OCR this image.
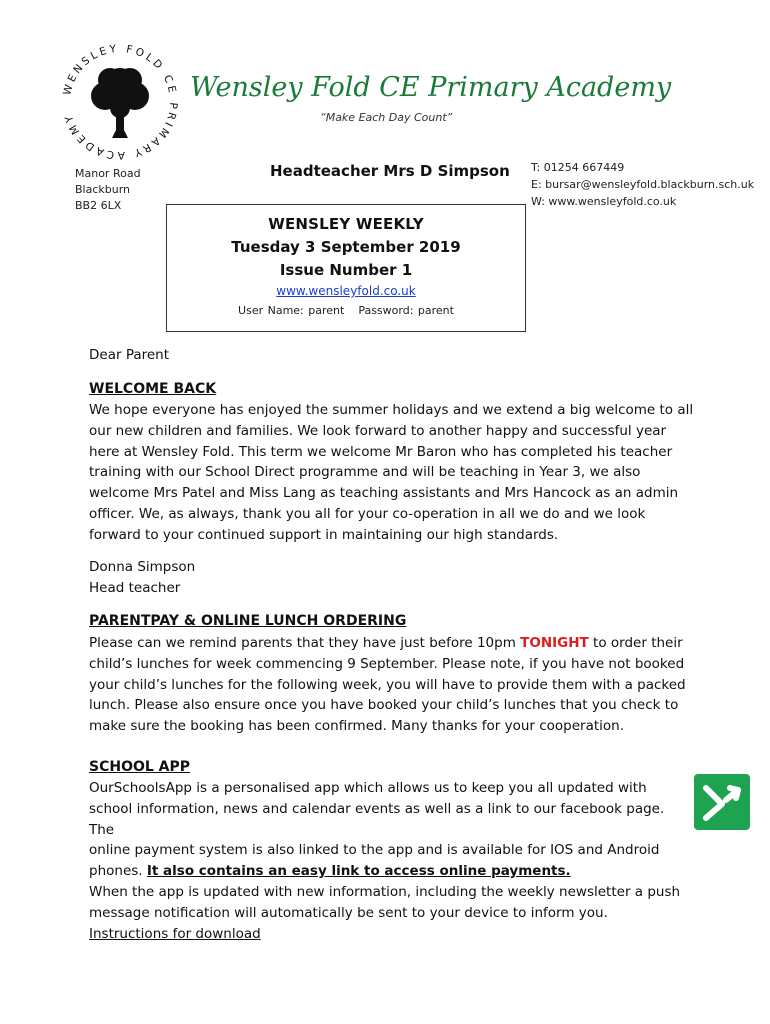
WENSLEY FOLD CE PRIMARY ACADEMY
Wensley Fold CE Primary Academy
“Make Each Day Count”
Manor Road
Blackburn
BB2 6LX
Headteacher Mrs D Simpson T: 01254 667449
E: bursar@wensleyfold.blackburn.sch.uk
W: www.wensleyfold.co.uk
WENSLEY WEEKLY
Tuesday 3 September 2019
Issue Number 1
www.wensleyfold.co.uk
User Name: parent Password: parent
Dear Parent
WELCOME BACK
We hope everyone has enjoyed the summer holidays and we extend a big welcome to all
our new children and families. We look forward to another happy and successful year
here at Wensley Fold. This term we welcome Mr Baron who has completed his teacher
training with our School Direct programme and will be teaching in Year 3, we also
welcome Mrs Patel and Miss Lang as teaching assistants and Mrs Hancock as an admin
officer. We, as always, thank you all for your co-operation in all we do and we look
forward to your continued support in maintaining our high standards.
Donna Simpson
Head teacher
PARENTPAY & ONLINE LUNCH ORDERING
Please can we remind parents that they have just before 10pm TONIGHT to order their
child’s lunches for week commencing 9 September. Please note, if you have not booked
your child’s lunches for the following week, you will have to provide them with a packed
lunch. Please also ensure once you have booked your child’s lunches that you check to
make sure the booking has been confirmed. Many thanks for your cooperation.
SCHOOL APP
OurSchoolsApp is a personalised app which allows us to keep you all updated with
school information, news and calendar events as well as a link to our facebook page. The
online payment system is also linked to the app and is available for IOS and Android
phones. It also contains an easy link to access online payments.
When the app is updated with new information, including the weekly newsletter a push
message notification will automatically be sent to your device to inform you.
Instructions for download
